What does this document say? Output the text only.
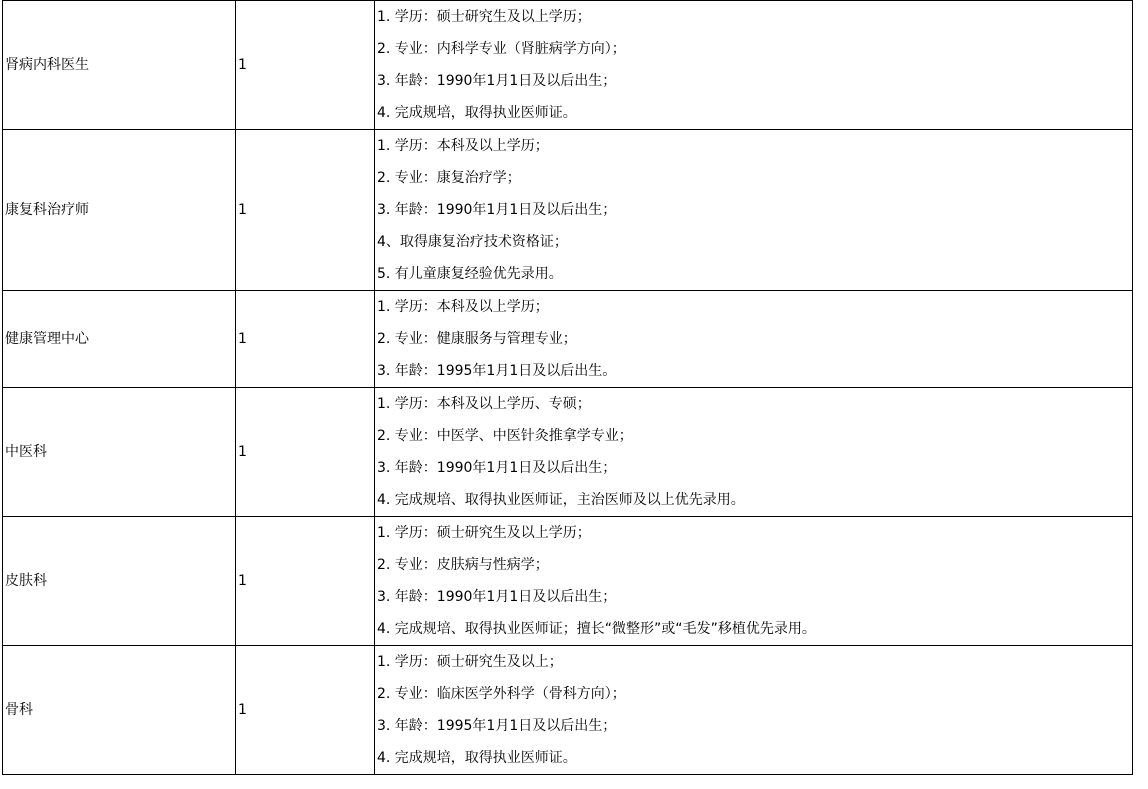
肾病内科医生	1	1. 学历：硕士研究生及以上学历；
2. 专业：内科学专业（肾脏病学方向）；
3. 年龄：1990年1月1日及以后出生；
4. 完成规培，取得执业医师证。

康复科治疗师	1	1. 学历：本科及以上学历；
2. 专业：康复治疗学；
3. 年龄：1990年1月1日及以后出生；
4、取得康复治疗技术资格证；
5. 有儿童康复经验优先录用。

健康管理中心	1	1. 学历：本科及以上学历；
2. 专业：健康服务与管理专业；
3. 年龄：1995年1月1日及以后出生。

中医科	1	1. 学历：本科及以上学历、专硕；
2. 专业：中医学、中医针灸推拿学专业；
3. 年龄：1990年1月1日及以后出生；
4. 完成规培、取得执业医师证，主治医师及以上优先录用。

皮肤科	1	1. 学历：硕士研究生及以上学历；
2. 专业：皮肤病与性病学；
3. 年龄：1990年1月1日及以后出生；
4. 完成规培、取得执业医师证；擅长“微整形”或“毛发”移植优先录用。

骨科	1	1. 学历：硕士研究生及以上；
2. 专业：临床医学外科学（骨科方向）；
3. 年龄：1995年1月1日及以后出生；
4. 完成规培，取得执业医师证。
